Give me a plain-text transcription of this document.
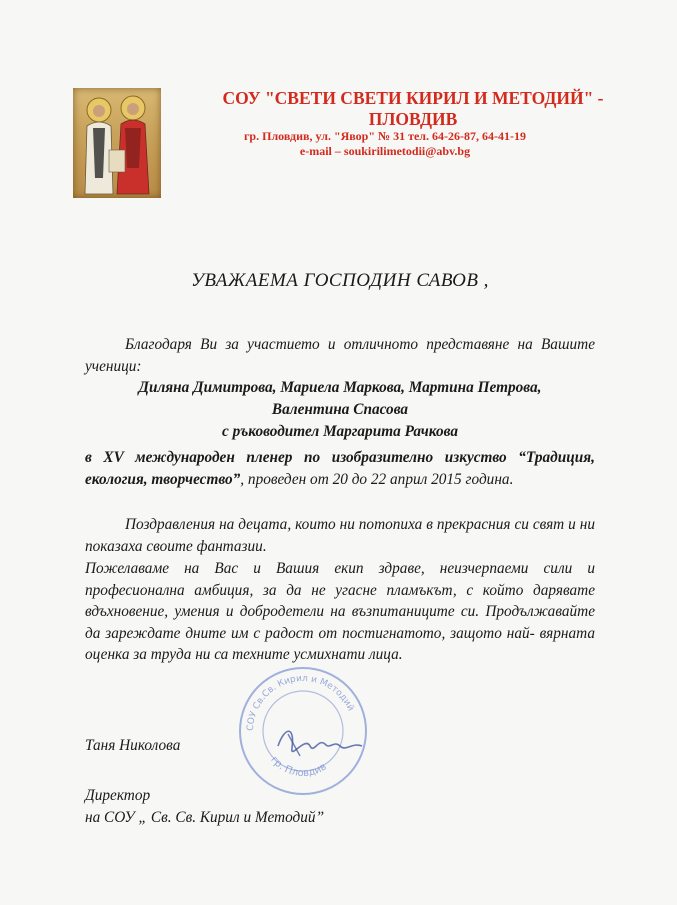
СОУ "СВЕТИ СВЕТИ КИРИЛ И МЕТОДИЙ" - ПЛОВДИВ
гр. Пловдив, ул. "Явор" № 31 тел. 64-26-87, 64-41-19
e-mail – soukirilimetodii@abv.bg
УВАЖАЕМА ГОСПОДИН САВОВ ,
Благодаря Ви за участието и отличното представяне на Вашите ученици:
Диляна Димитрова, Мариела Маркова, Мартина Петрова,
Валентина Спасова
с ръководител Маргарита Рачкова
в XV международен пленер по изобразително изкуство “Традиция, екология, творчество”, проведен от 20 до 22 април 2015 година.
Поздравления на децата, които ни потопиха в прекрасния си свят и ни показаха своите фантазии.
Пожелаваме на Вас и Вашия екип здраве, неизчерпаеми сили и професионална амбиция, за да не угасне пламъкът, с който дарявате вдъхновение, умения и добродетели на възпитаниците си. Продължавайте да зареждате дните им с радост от постигнатото, защото най- вярната оценка за труда ни са техните усмихнати лица.
СОУ Св.Св. Кирил и Методий
гр. Пловдив
Таня Николова
Директор
на СОУ „ Св. Св. Кирил и Методий”
